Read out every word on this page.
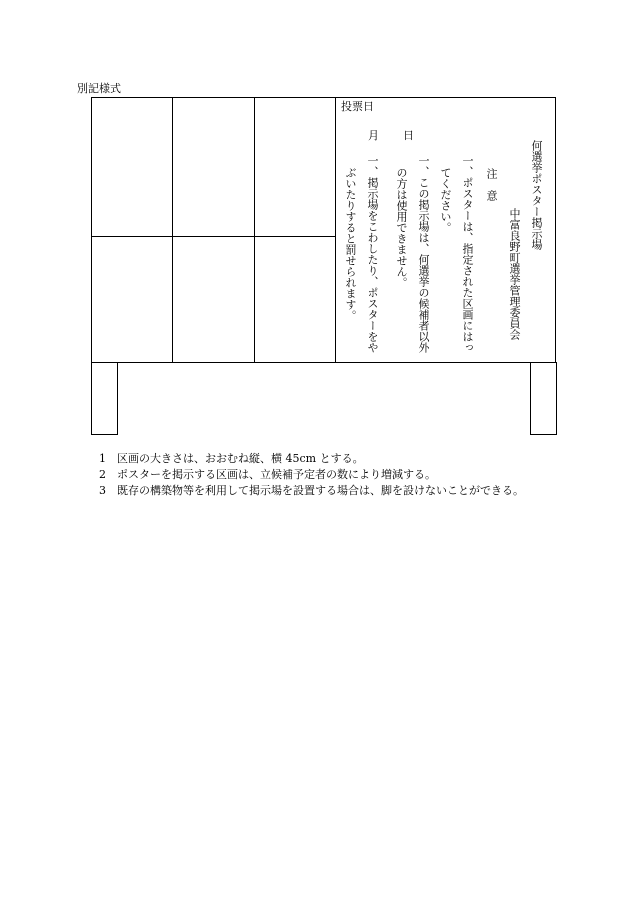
別記様式
何選挙ポスター掲示場
中富良野町選挙管理委員会
注　意
一、ポスターは、指定された区画にはっ
てください。
一、この掲示場は、何選挙の候補者以外
の方は使用できません。
一、掲示場をこわしたり、ポスターをや
ぶいたりすると罰せられます。
投票日
月 日
1 区画の大きさは、おおむね縦、横 45cm とする。
2 ポスターを掲示する区画は、立候補予定者の数により増減する。
3 既存の構築物等を利用して掲示場を設置する場合は、脚を設けないことができる。
